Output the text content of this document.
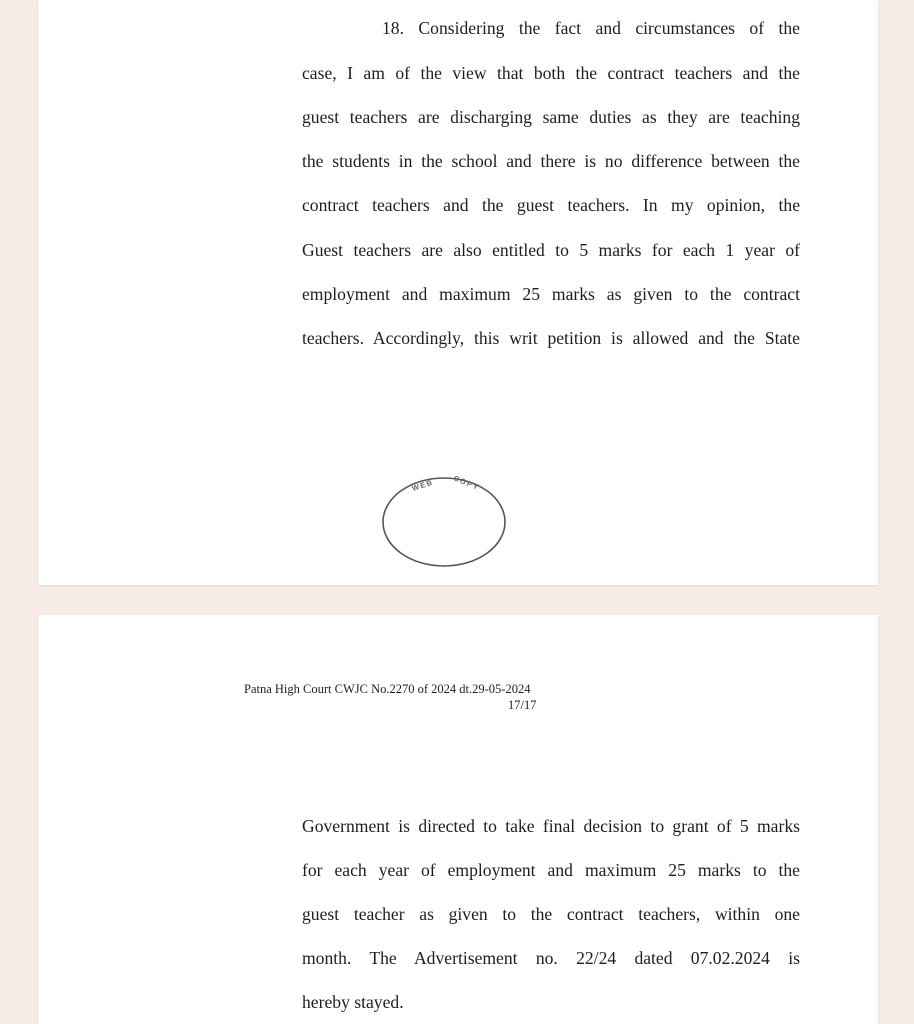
18. Considering the fact and circumstances of the
case, I am of the view that both the contract teachers and the
guest teachers are discharging same duties as they are teaching
the students in the school and there is no difference between the
contract teachers and the guest teachers. In my opinion, the
Guest teachers are also entitled to 5 marks for each 1 year of
employment and maximum 25 marks as given to the contract
teachers. Accordingly, this writ petition is allowed and the State
WEB COPY
Patna High Court CWJC No.2270 of 2024 dt.29-05-2024
17/17
Government is directed to take final decision to grant of 5 marks
for each year of employment and maximum 25 marks to the
guest teacher as given to the contract teachers, within one
month. The Advertisement no. 22/24 dated 07.02.2024 is
hereby stayed.
